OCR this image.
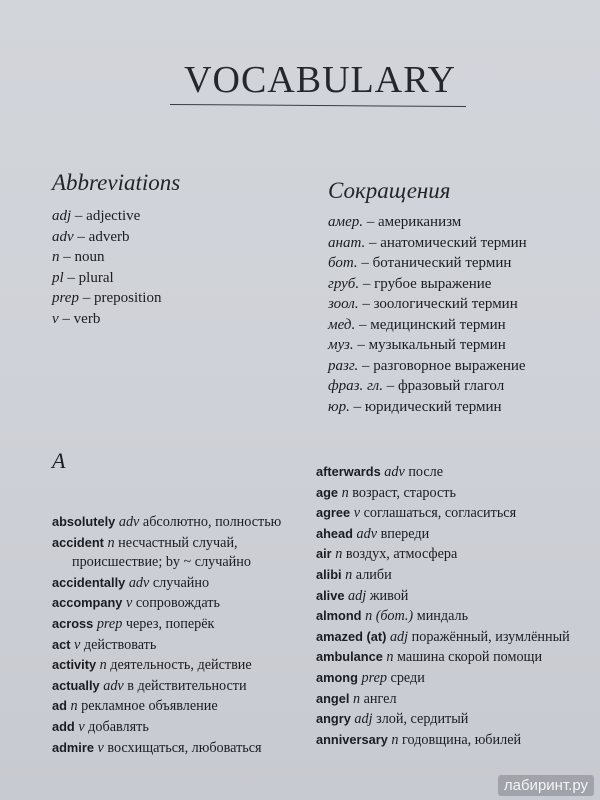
VOCABULARY
Abbreviations
adj – adjective
adv – adverb
n – noun
pl – plural
prep – preposition
v – verb
Сокращения
амер. – американизм
анат. – анатомический термин
бот. – ботанический термин
груб. – грубое выражение
зоол. – зоологический термин
мед. – медицинский термин
муз. – музыкальный термин
разг. – разговорное выражение
фраз. гл. – фразовый глагол
юр. – юридический термин
A
absolutely adv абсолютно, полностью
accident n несчастный случай, происшествие; by ~ случайно
accidentally adv случайно
accompany v сопровождать
across prep через, поперёк
act v действовать
activity n деятельность, действие
actually adv в действительности
ad n рекламное объявление
add v добавлять
admire v восхищаться, любоваться
afterwards adv после
age n возраст, старость
agree v соглашаться, согласиться
ahead adv впереди
air n воздух, атмосфера
alibi n алиби
alive adj живой
almond n (бот.) миндаль
amazed (at) adj поражённый, изумлённый
ambulance n машина скорой помощи
among prep среди
angel n ангел
angry adj злой, сердитый
anniversary n годовщина, юбилей
лабиринт.ру
